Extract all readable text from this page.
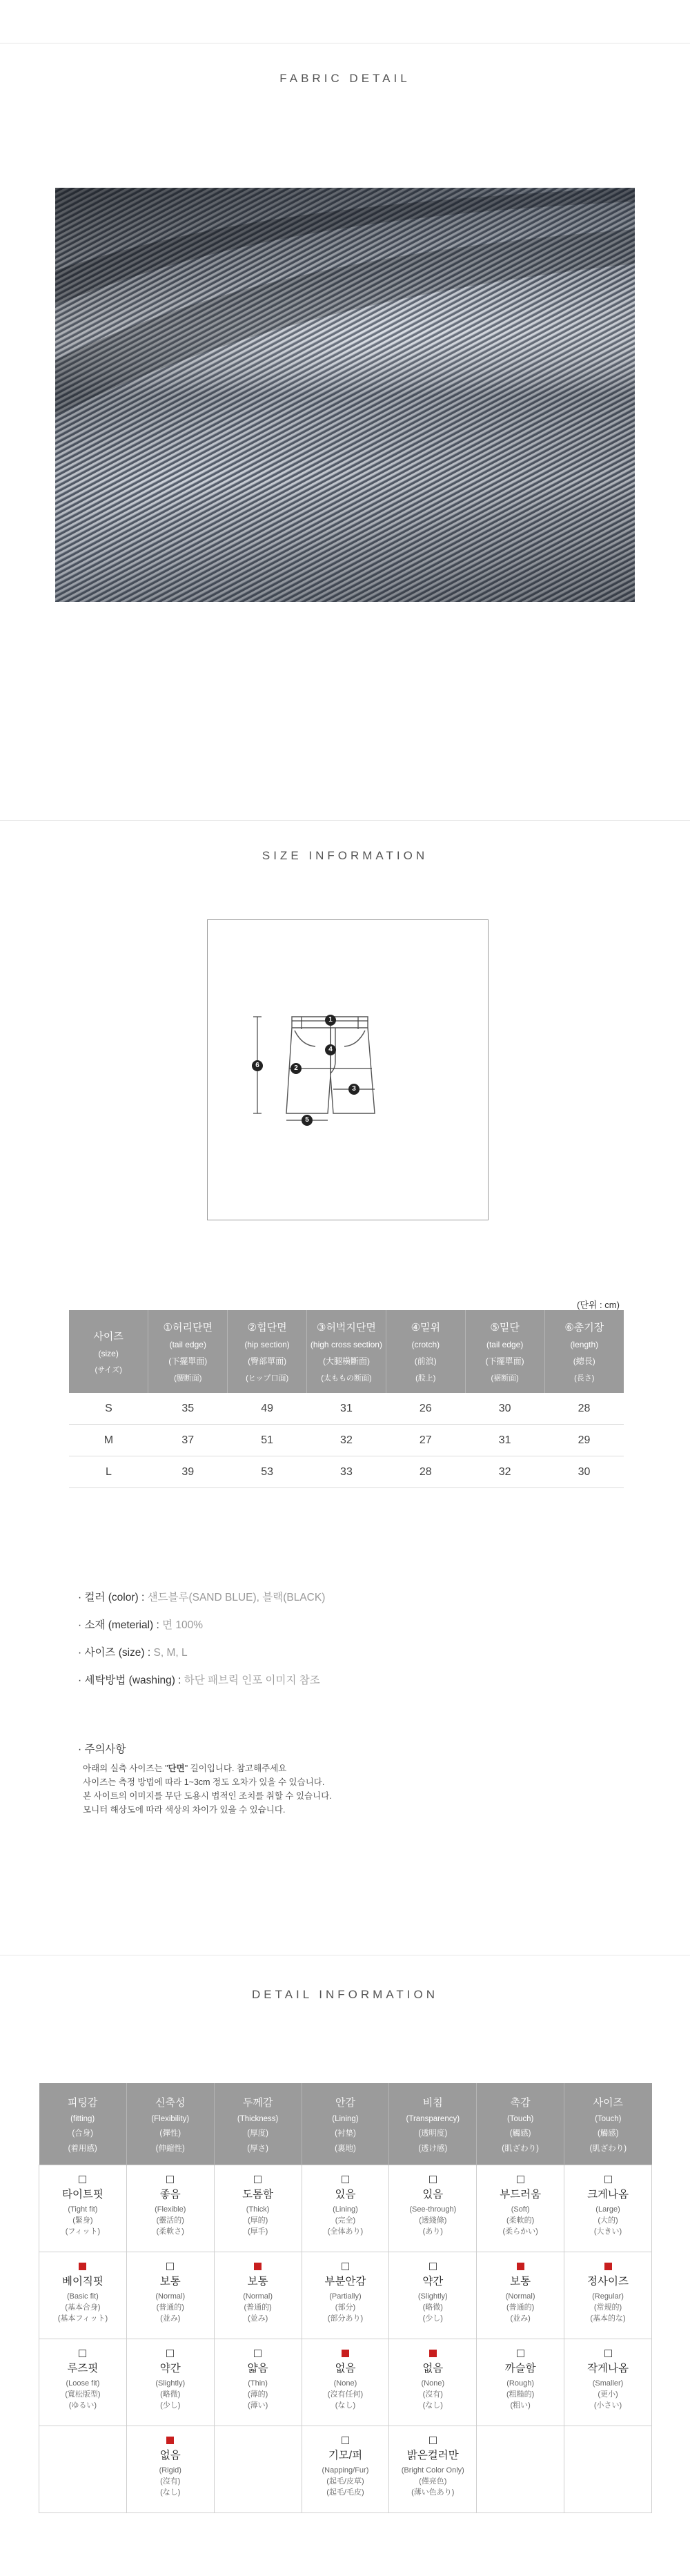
FABRIC DETAIL
SIZE INFORMATION
1
2
3
4
5
6
(단위 : cm)
사이즈
(size)
(サイズ)	①허리단면
(tail edge)
(下擺單面)
(腰断面)	②힙단면
(hip section)
(臀部單面)
(ヒップ口面)	③허벅지단면
(high cross section)
(大腿橫斷面)
(太ももの断面)	④밑위
(crotch)
(前浪)
(股上)	⑤밑단
(tail edge)
(下擺單面)
(裾断面)	⑥총기장
(length)
(總長)
(長さ)

S	35	49	31	26	30	28
M	37	51	32	27	31	29
L	39	53	33	28	32	30
· 컬러 (color) : 샌드블루(SAND BLUE), 블랙(BLACK)
· 소재 (meterial) : 면 100%
· 사이즈 (size) : S, M, L
· 세탁방법 (washing) : 하단 패브릭 인포 이미지 참조
· 주의사항
아래의 실측 사이즈는 "단면" 길이입니다. 참고해주세요
사이즈는 측정 방법에 따라 1~3cm 정도 오차가 있을 수 있습니다.
본 사이트의 이미지를 무단 도용시 법적인 조치를 취할 수 있습니다.
모니터 해상도에 따라 색상의 차이가 있을 수 있습니다.
DETAIL INFORMATION
피팅감
(fitting)
(合身)
(着用感)	신축성
(Flexibility)
(彈性)
(伸縮性)	두께감
(Thickness)
(厚度)
(厚さ)	안감
(Lining)
(衬垫)
(裏地)	비침
(Transparency)
(透明度)
(透け感)	촉감
(Touch)
(觸感)
(肌ざわり)	사이즈
(Touch)
(觸感)
(肌ざわり)

타이트핏
(Tight fit)
(緊身)
(フィット)	좋음
(Flexible)
(靈活的)
(柔軟さ)	도톰함
(Thick)
(厚的)
(厚手)	있음
(Lining)
(完全)
(全体あり)	있음
(See-through)
(透綫條)
(あり)	부드러움
(Soft)
(柔軟的)
(柔らかい)	크게나옴
(Large)
(大的)
(大きい)

베이직핏
(Basic fit)
(基本合身)
(基本フィット)	보통
(Normal)
(普通的)
(並み)	보통
(Normal)
(普通的)
(並み)	부분안감
(Partially)
(部分)
(部分あり)	약간
(Slightly)
(略微)
(少し)	보통
(Normal)
(普通的)
(並み)	정사이즈
(Regular)
(常規的)
(基本的な)

루즈핏
(Loose fit)
(寬松版型)
(ゆるい)	약간
(Slightly)
(略微)
(少し)	얇음
(Thin)
(薄的)
(薄い)	없음
(None)
(沒有任何)
(なし)	없음
(None)
(沒有)
(なし)	까슬함
(Rough)
(粗糙的)
(粗い)	작게나옴
(Smaller)
(更小)
(小さい)

	없음
(Rigid)
(沒有)
(なし)		기모/퍼
(Napping/Fur)
(起毛/皮草)
(起毛/毛皮)	밝은컬러만
(Bright Color Only)
(僅亮色)
(薄い色あり)		
